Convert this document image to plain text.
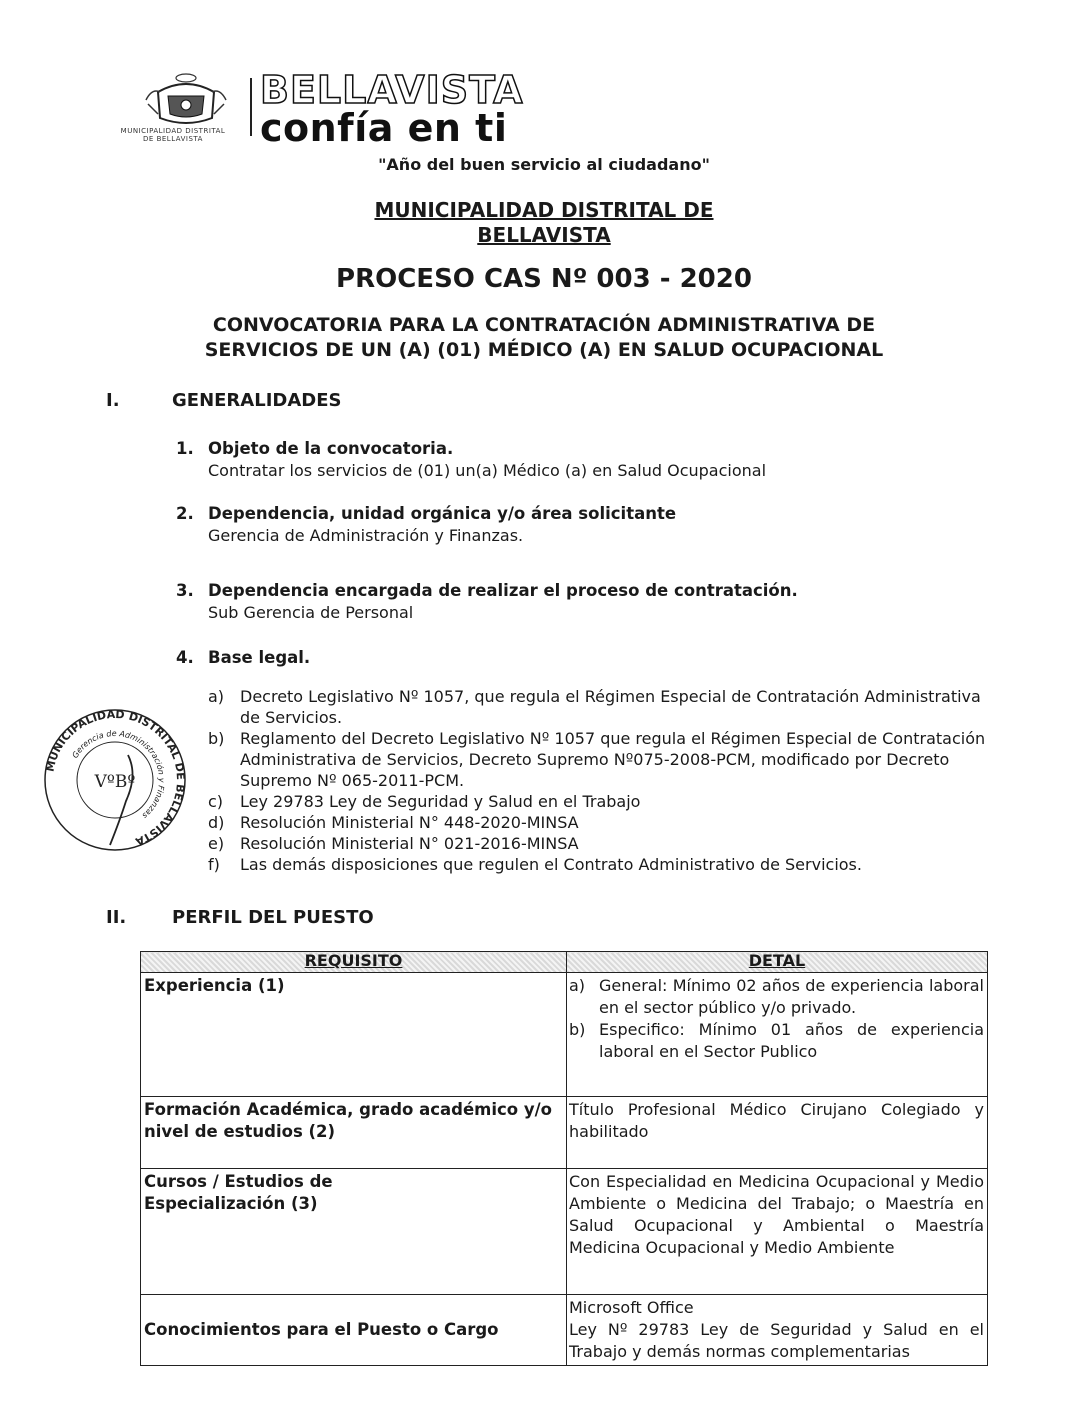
MUNICIPALIDAD DISTRITAL
DE BELLAVISTA
BELLAVISTA
confía en ti
"Año del buen servicio al ciudadano"
MUNICIPALIDAD DISTRITAL DE
BELLAVISTA
PROCESO CAS Nº 003 - 2020
CONVOCATORIA PARA LA CONTRATACIÓN ADMINISTRATIVA DE
SERVICIOS DE UN (A) (01) MÉDICO (A) EN SALUD OCUPACIONAL
I.	GENERALIDADES
1. Objeto de la convocatoria.
Contratar los servicios de (01) un(a) Médico (a) en Salud Ocupacional
2. Dependencia, unidad orgánica y/o área solicitante
Gerencia de Administración y Finanzas.
3. Dependencia encargada de realizar el proceso de contratación.
Sub Gerencia de Personal
4. Base legal.
a) Decreto Legislativo Nº 1057, que regula el Régimen Especial de Contratación Administrativa de Servicios.
b) Reglamento del Decreto Legislativo Nº 1057 que regula el Régimen Especial de Contratación Administrativa de Servicios, Decreto Supremo Nº075-2008-PCM, modificado por Decreto Supremo Nº 065-2011-PCM.
c)	Ley 29783 Ley de Seguridad y Salud en el Trabajo
d) Resolución Ministerial N° 448-2020-MINSA
e) Resolución Ministerial N° 021-2016-MINSA
f)	Las demás disposiciones que regulen el Contrato Administrativo de Servicios.
MUNICIPALIDAD DISTRITAL DE BELLAVISTA
Gerencia de Administración y Finanzas
VºBº
II.	PERFIL DEL PUESTO
REQUISITO	DETAL
Experiencia (1)	a) General: Mínimo 02 años de experiencia laboral en el sector público y/o privado.
b) Especifico: Mínimo 01 años de experiencia laboral en el Sector Publico

Formación Académica, grado académico y/o nivel de estudios (2)	Título Profesional Médico Cirujano Colegiado y habilitado

Cursos / Estudios de
Especialización (3)	Con Especialidad en Medicina Ocupacional y Medio Ambiente o Medicina del Trabajo; o Maestría en Salud Ocupacional y Ambiental o Maestría Medicina Ocupacional y Medio Ambiente
Conocimientos para el Puesto o Cargo	Microsoft Office
Ley Nº 29783 Ley de Seguridad y Salud en el Trabajo y demás normas complementarias
